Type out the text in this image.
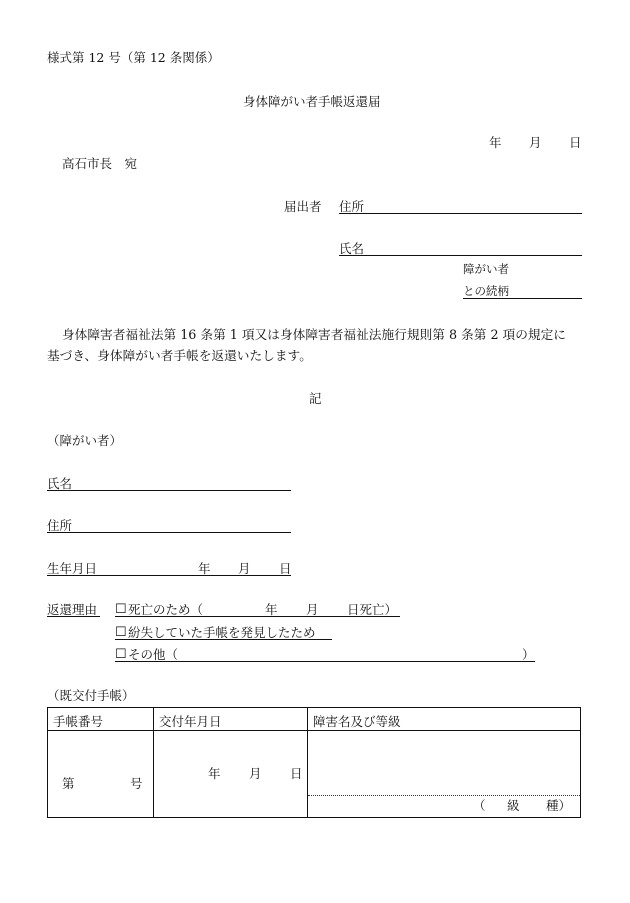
様式第 12 号（第 12 条関係）
身体障がい者手帳返還届
年 月 日
高石市長　宛
届出者 住所
氏名
障がい者
との続柄
身体障害者福祉法第 16 条第 1 項又は身体障害者福祉法施行規則第 8 条第 2 項の規定に
基づき、身体障がい者手帳を返還いたします。
記
（障がい者）
氏名
住所
生年月日	年 月 日
返還理由 ☐ 死亡のため（	年 月 日死亡）
☐ 紛失していた手帳を発見したため
☐ その他（	）
（既交付手帳）
手帳番号	交付年月日	障害名及び等級

第 号	年 月 日	（ 級 種）
